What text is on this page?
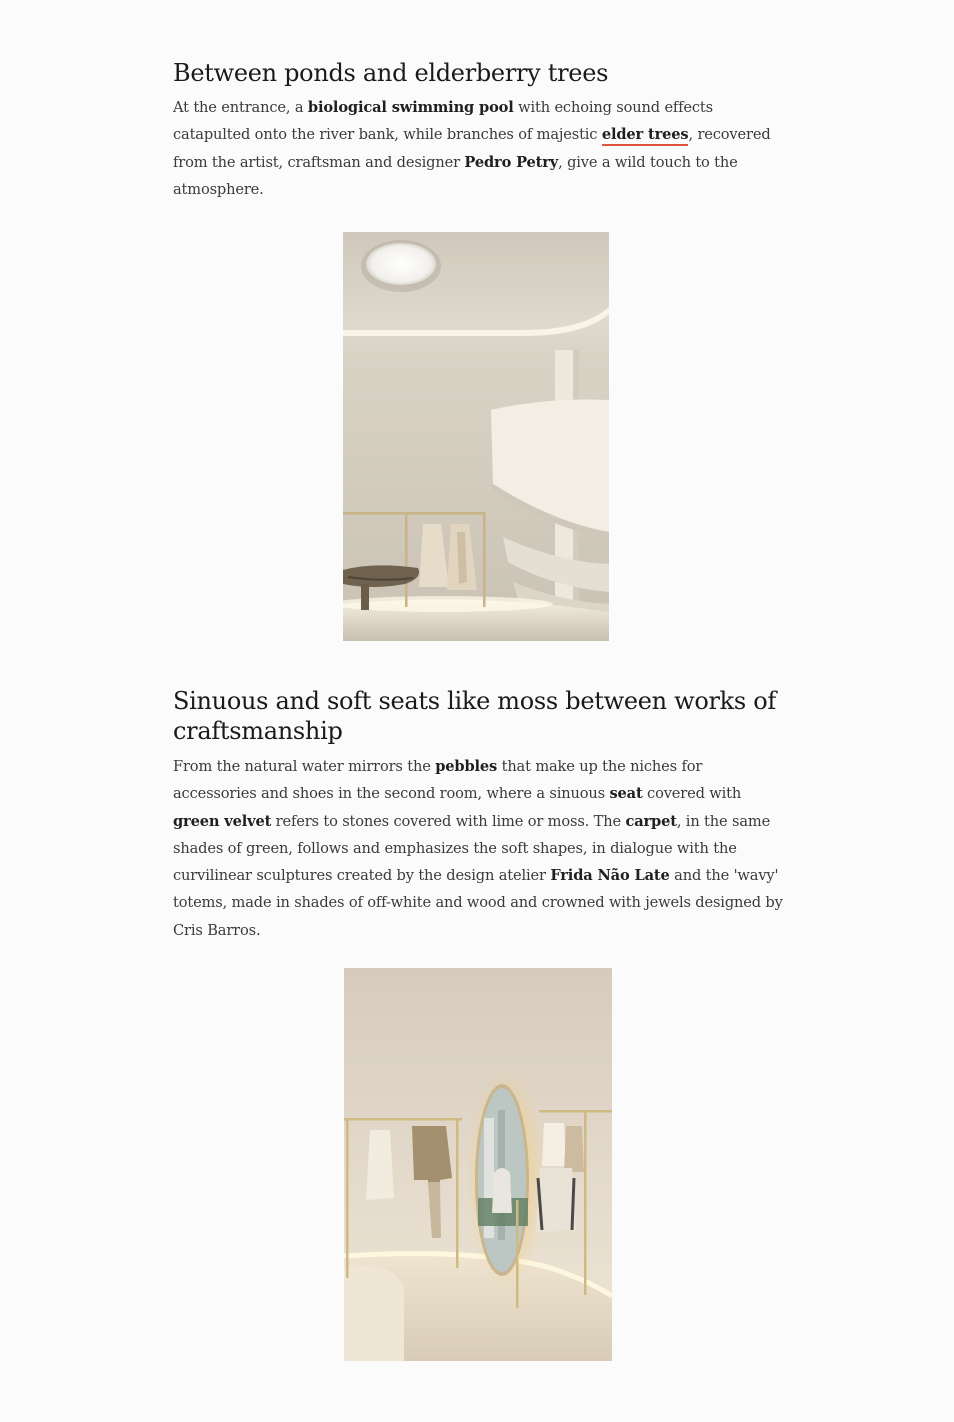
Between ponds and elderberry trees

At the entrance, a biological swimming pool with echoing sound effects catapulted onto the river bank, while branches of majestic elder trees, recovered from the artist, craftsman and designer Pedro Petry, give a wild touch to the atmosphere.

Sinuous and soft seats like moss between works of craftsmanship

From the natural water mirrors the pebbles that make up the niches for accessories and shoes in the second room, where a sinuous seat covered with green velvet refers to stones covered with lime or moss. The carpet, in the same shades of green, follows and emphasizes the soft shapes, in dialogue with the curvilinear sculptures created by the design atelier Frida Não Late and the 'wavy' totems, made in shades of off-white and wood and crowned with jewels designed by Cris Barros.
